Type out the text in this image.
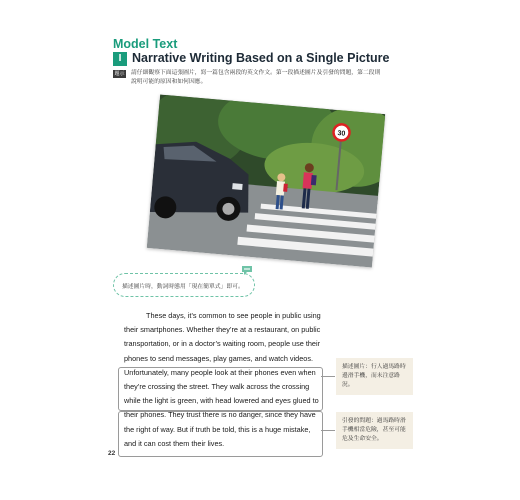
Model Text
I Narrative Writing Based on a Single Picture
題示 請仔細觀察下面這張圖片，寫一篇包含兩段的英文作文。第一段描述圖片及引發的問題，第二段則說明可能的原因和如何因應。
30
描述圖片時，動詞時態用「現在簡單式」即可。

These days, it’s common to see people in public using their smartphones. Whether they’re at a restaurant, on public transportation, or in a doctor’s waiting room, people use their phones to send messages, play games, and watch videos. Unfortunately, many people look at their phones even when they’re crossing the street. They walk across the crossing while the light is green, with head lowered and eyes glued to their phones. They trust there is no danger, since they have the right of way. But if truth be told, this is a huge mistake, and it can cost them their lives.

描述圖片：行人過馬路時邊滑手機，而未注意路況。
引發的問題：過馬路時滑手機相當危險，甚至可能危及生命安全。
22
